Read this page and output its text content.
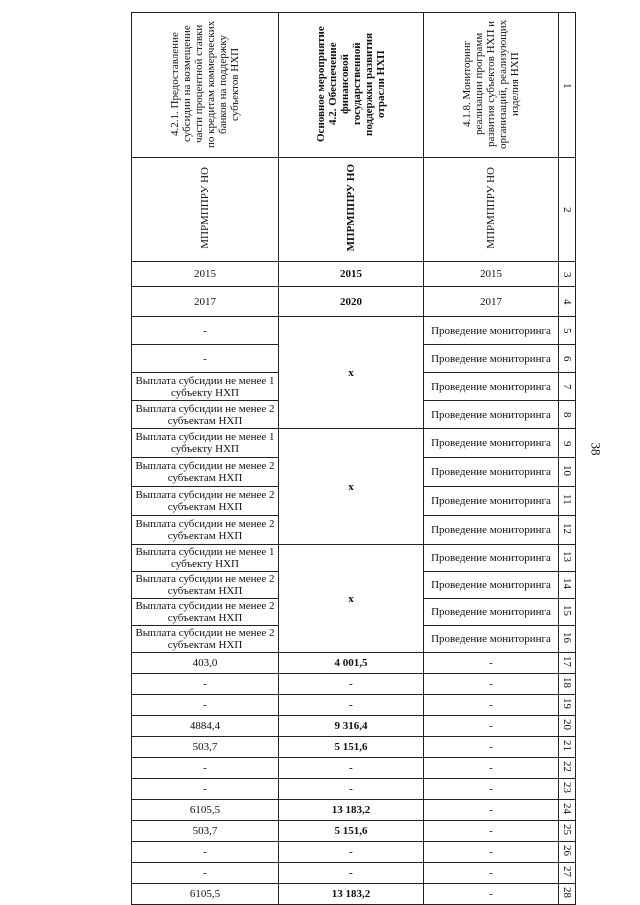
38
4.2.1. Предоставление субсидии на возмещение части процентной ставки по кредитам коммерческих банков на поддержку субъектов НХП	Основное мероприятие 4.2. Обеспечение финансовой государственной поддержки развития отрасли НХП	4.1.8. Мониторинг реализации программ развития субъектов НХП и организаций, реализующих изделия НХП	1
МПРМППРУ НО	МПРМППРУ НО	МПРМППРУ НО	2
2015	2015	2015	3
2017	2020	2017	4
-	х	Проведение мониторинга	5
-		Проведение мониторинга	6
Выплата субсидии не менее 1 субъекту НХП		Проведение мониторинга	7
Выплата субсидии не менее 2 субъектам НХП		Проведение мониторинга	8
Выплата субсидии не менее 1 субъекту НХП	х	Проведение мониторинга	9
Выплата субсидии не менее 2 субъектам НХП		Проведение мониторинга	10
Выплата субсидии не менее 2 субъектам НХП		Проведение мониторинга	11
Выплата субсидии не менее 2 субъектам НХП		Проведение мониторинга	12
Выплата субсидии не менее 1 субъекту НХП	х	Проведение мониторинга	13
Выплата субсидии не менее 2 субъектам НХП		Проведение мониторинга	14
Выплата субсидии не менее 2 субъектам НХП		Проведение мониторинга	15
Выплата субсидии не менее 2 субъектам НХП		Проведение мониторинга	16
403,0	4 001,5	-	17
-	-	-	18
-	-	-	19
4884,4	9 316,4	-	20
503,7	5 151,6	-	21
-	-	-	22
-	-	-	23
6105,5	13 183,2	-	24
503,7	5 151,6	-	25
-	-	-	26
-	-	-	27
6105,5	13 183,2	-	28
